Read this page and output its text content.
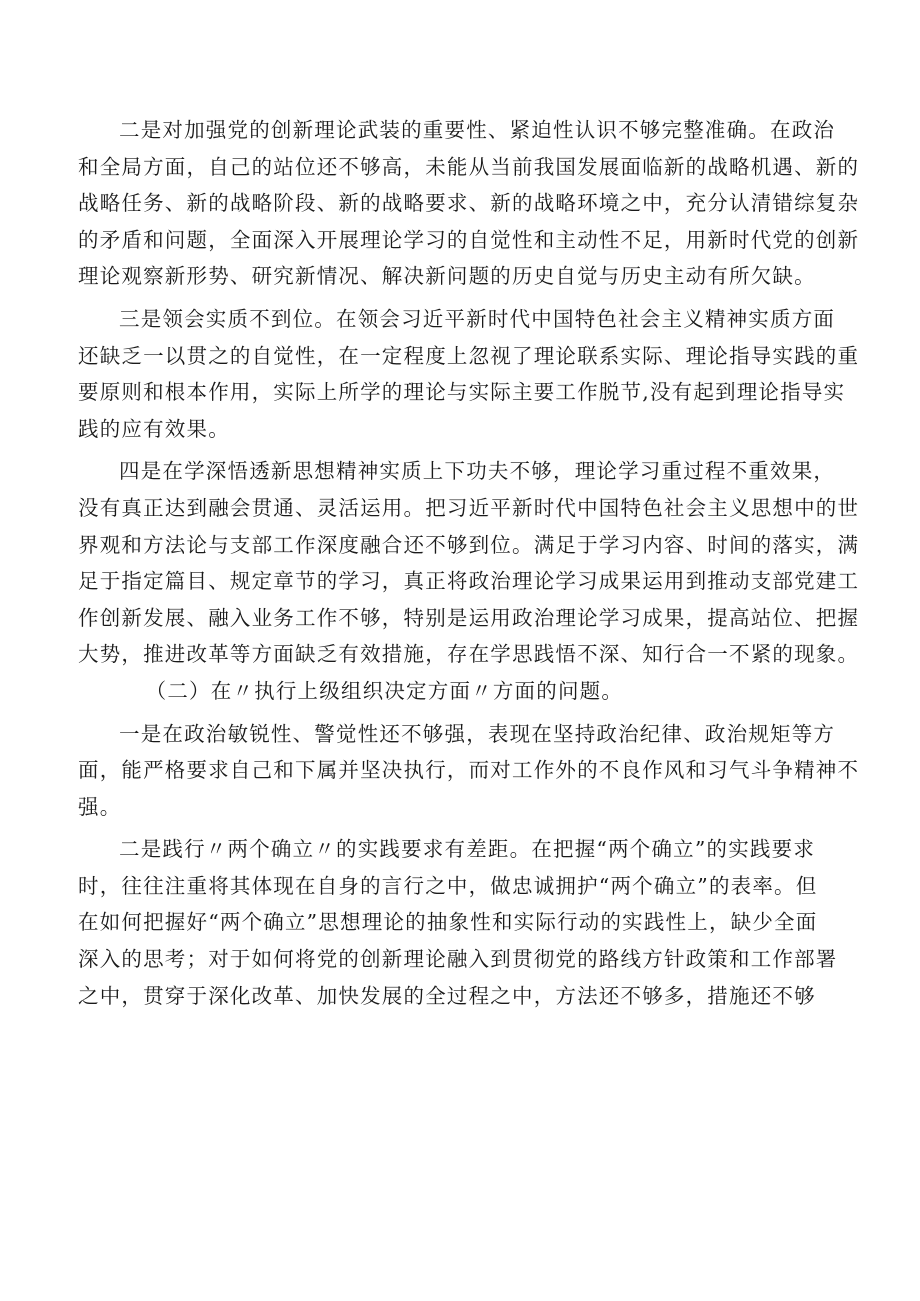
二是对加强党的创新理论武装的重要性、紧迫性认识不够完整准确。在政治
和全局方面，自己的站位还不够高，未能从当前我国发展面临新的战略机遇、新的
战略任务、新的战略阶段、新的战略要求、新的战略环境之中，充分认清错综复杂
的矛盾和问题，全面深入开展理论学习的自觉性和主动性不足，用新时代党的创新
理论观察新形势、研究新情况、解决新问题的历史自觉与历史主动有所欠缺。
三是领会实质不到位。在领会习近平新时代中国特色社会主义精神实质方面
还缺乏一以贯之的自觉性，在一定程度上忽视了理论联系实际、理论指导实践的重
要原则和根本作用，实际上所学的理论与实际主要工作脱节,没有起到理论指导实
践的应有效果。
四是在学深悟透新思想精神实质上下功夫不够，理论学习重过程不重效果，
没有真正达到融会贯通、灵活运用。把习近平新时代中国特色社会主义思想中的世
界观和方法论与支部工作深度融合还不够到位。满足于学习内容、时间的落实，满
足于指定篇目、规定章节的学习，真正将政治理论学习成果运用到推动支部党建工
作创新发展、融入业务工作不够，特别是运用政治理论学习成果，提高站位、把握
大势，推进改革等方面缺乏有效措施，存在学思践悟不深、知行合一不紧的现象。
（二）在〃执行上级组织决定方面〃方面的问题。
一是在政治敏锐性、警觉性还不够强，表现在坚持政治纪律、政治规矩等方
面，能严格要求自己和下属并坚决执行，而对工作外的不良作风和习气斗争精神不
强。
二是践行〃两个确立〃的实践要求有差距。在把握“两个确立”的实践要求
时，往往注重将其体现在自身的言行之中，做忠诚拥护“两个确立”的表率。但
在如何把握好“两个确立”思想理论的抽象性和实际行动的实践性上，缺少全面
深入的思考；对于如何将党的创新理论融入到贯彻党的路线方针政策和工作部署
之中，贯穿于深化改革、加快发展的全过程之中，方法还不够多，措施还不够
